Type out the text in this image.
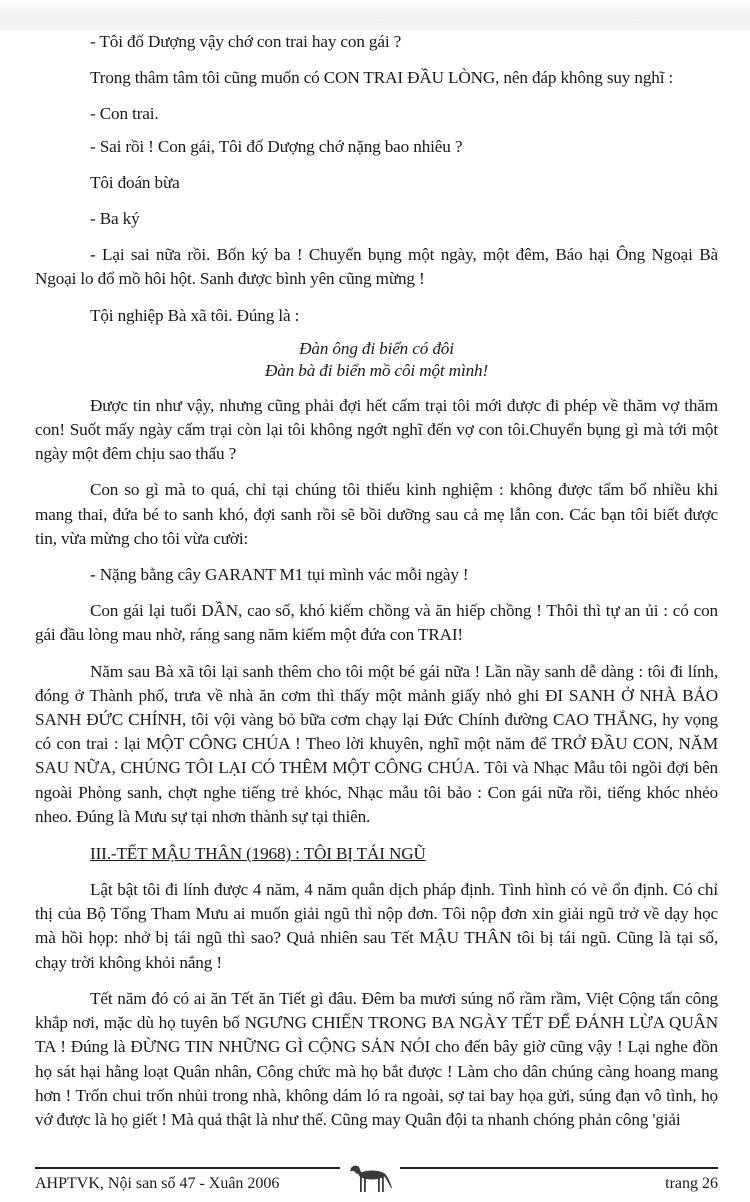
- Tôi đố Dượng vậy chớ con trai hay con gái ?

Trong thâm tâm tôi cũng muốn có CON TRAI ĐẦU LÒNG, nên đáp không suy nghĩ :

- Con trai.

- Sai rồi ! Con gái, Tôi đố Dượng chớ nặng bao nhiêu ?

Tôi đoán bừa

- Ba ký

- Lại sai nữa rồi. Bốn ký ba ! Chuyển bụng một ngày, một đêm, Báo hại Ông Ngoại Bà Ngoại lo đổ mồ hôi hột. Sanh được bình yên cũng mừng !

Tội nghiệp Bà xã tôi. Đúng là :

Đàn ông đi biển có đôi
Đàn bà đi biển mồ côi một mình!

Được tin như vậy, nhưng cũng phải đợi hết cấm trại tôi mới được đi phép về thăm vợ thăm con! Suốt mấy ngày cấm trại còn lại tôi không ngớt nghĩ đến vợ con tôi.Chuyển bụng gì mà tới một ngày một đêm chịu sao thấu ?

Con so gì mà to quá, chỉ tại chúng tôi thiếu kinh nghiệm : không được tẩm bổ nhiều khi mang thai, đứa bé to sanh khó, đợi sanh rồi sẽ bồi dưỡng sau cả mẹ lẫn con. Các bạn tôi biết được tin, vừa mừng cho tôi vừa cười:

- Nặng bằng cây GARANT M1 tụi mình vác mỗi ngày !

Con gái lại tuổi DẦN, cao số, khó kiếm chồng và ăn hiếp chồng ! Thôi thì tự an ủi : có con gái đầu lòng mau nhờ, ráng sang năm kiếm một đứa con TRAI!

Năm sau Bà xã tôi lại sanh thêm cho tôi một bé gái nữa ! Lần nầy sanh dễ dàng : tôi đi lính, đóng ở Thành phố, trưa về nhà ăn cơm thì thấy một mảnh giấy nhỏ ghi ĐI SANH Ở NHÀ BẢO SANH ĐỨC CHÍNH, tôi vội vàng bỏ bữa cơm chạy lại Đức Chính đường CAO THẮNG, hy vọng có con trai : lại MỘT CÔNG CHÚA ! Theo lời khuyên, nghĩ một năm để TRỞ ĐẦU CON, NĂM SAU NỮA, CHÚNG TÔI LẠI CÓ THÊM MỘT CÔNG CHÚA. Tôi và Nhạc Mẫu tôi ngồi đợi bên ngoài Phòng sanh, chợt nghe tiếng trẻ khóc, Nhạc mẫu tôi bảo : Con gái nữa rồi, tiếng khóc nhẻo nheo. Đúng là Mưu sự tại nhơn thành sự tại thiên.

III.-TẾT MẬU THÂN (1968) : TÔI BỊ TÁI NGŨ

Lật bật tôi đi lính được 4 năm, 4 năm quân dịch pháp định. Tình hình có vẻ ổn định. Có chỉ thị của Bộ Tổng Tham Mưu ai muốn giải ngũ thì nộp đơn. Tôi nộp đơn xin giải ngũ trở về dạy học mà hồi họp: nhở bị tái ngũ thì sao? Quả nhiên sau Tết MẬU THÂN tôi bị tái ngũ. Cũng là tại số, chạy trời không khỏi nắng !

Tết năm đó có ai ăn Tết ăn Tiết gì đâu. Đêm ba mươi súng nổ rầm rầm, Việt Cộng tấn công khắp nơi, mặc dù họ tuyên bố NGƯNG CHIẾN TRONG BA NGÀY TẾT ĐỂ ĐÁNH LỪA QUÂN TA ! Đúng là ĐỪNG TIN NHỮNG GÌ CỘNG SẢN NÓI cho đến bây giờ cũng vậy ! Lại nghe đồn họ sát hại hằng loạt Quân nhân, Công chức mà họ bắt được ! Làm cho dân chúng càng hoang mang hơn ! Trốn chui trốn nhủi trong nhà, không dám ló ra ngoài, sợ tai bay họa gửi, súng đạn vô tình, họ vớ được là họ giết ! Mà quả thật là như thế. Cũng may Quân đội ta nhanh chóng phản công 'giải

AHPTVK, Nội san số 47 - Xuân 2006	trang 26
